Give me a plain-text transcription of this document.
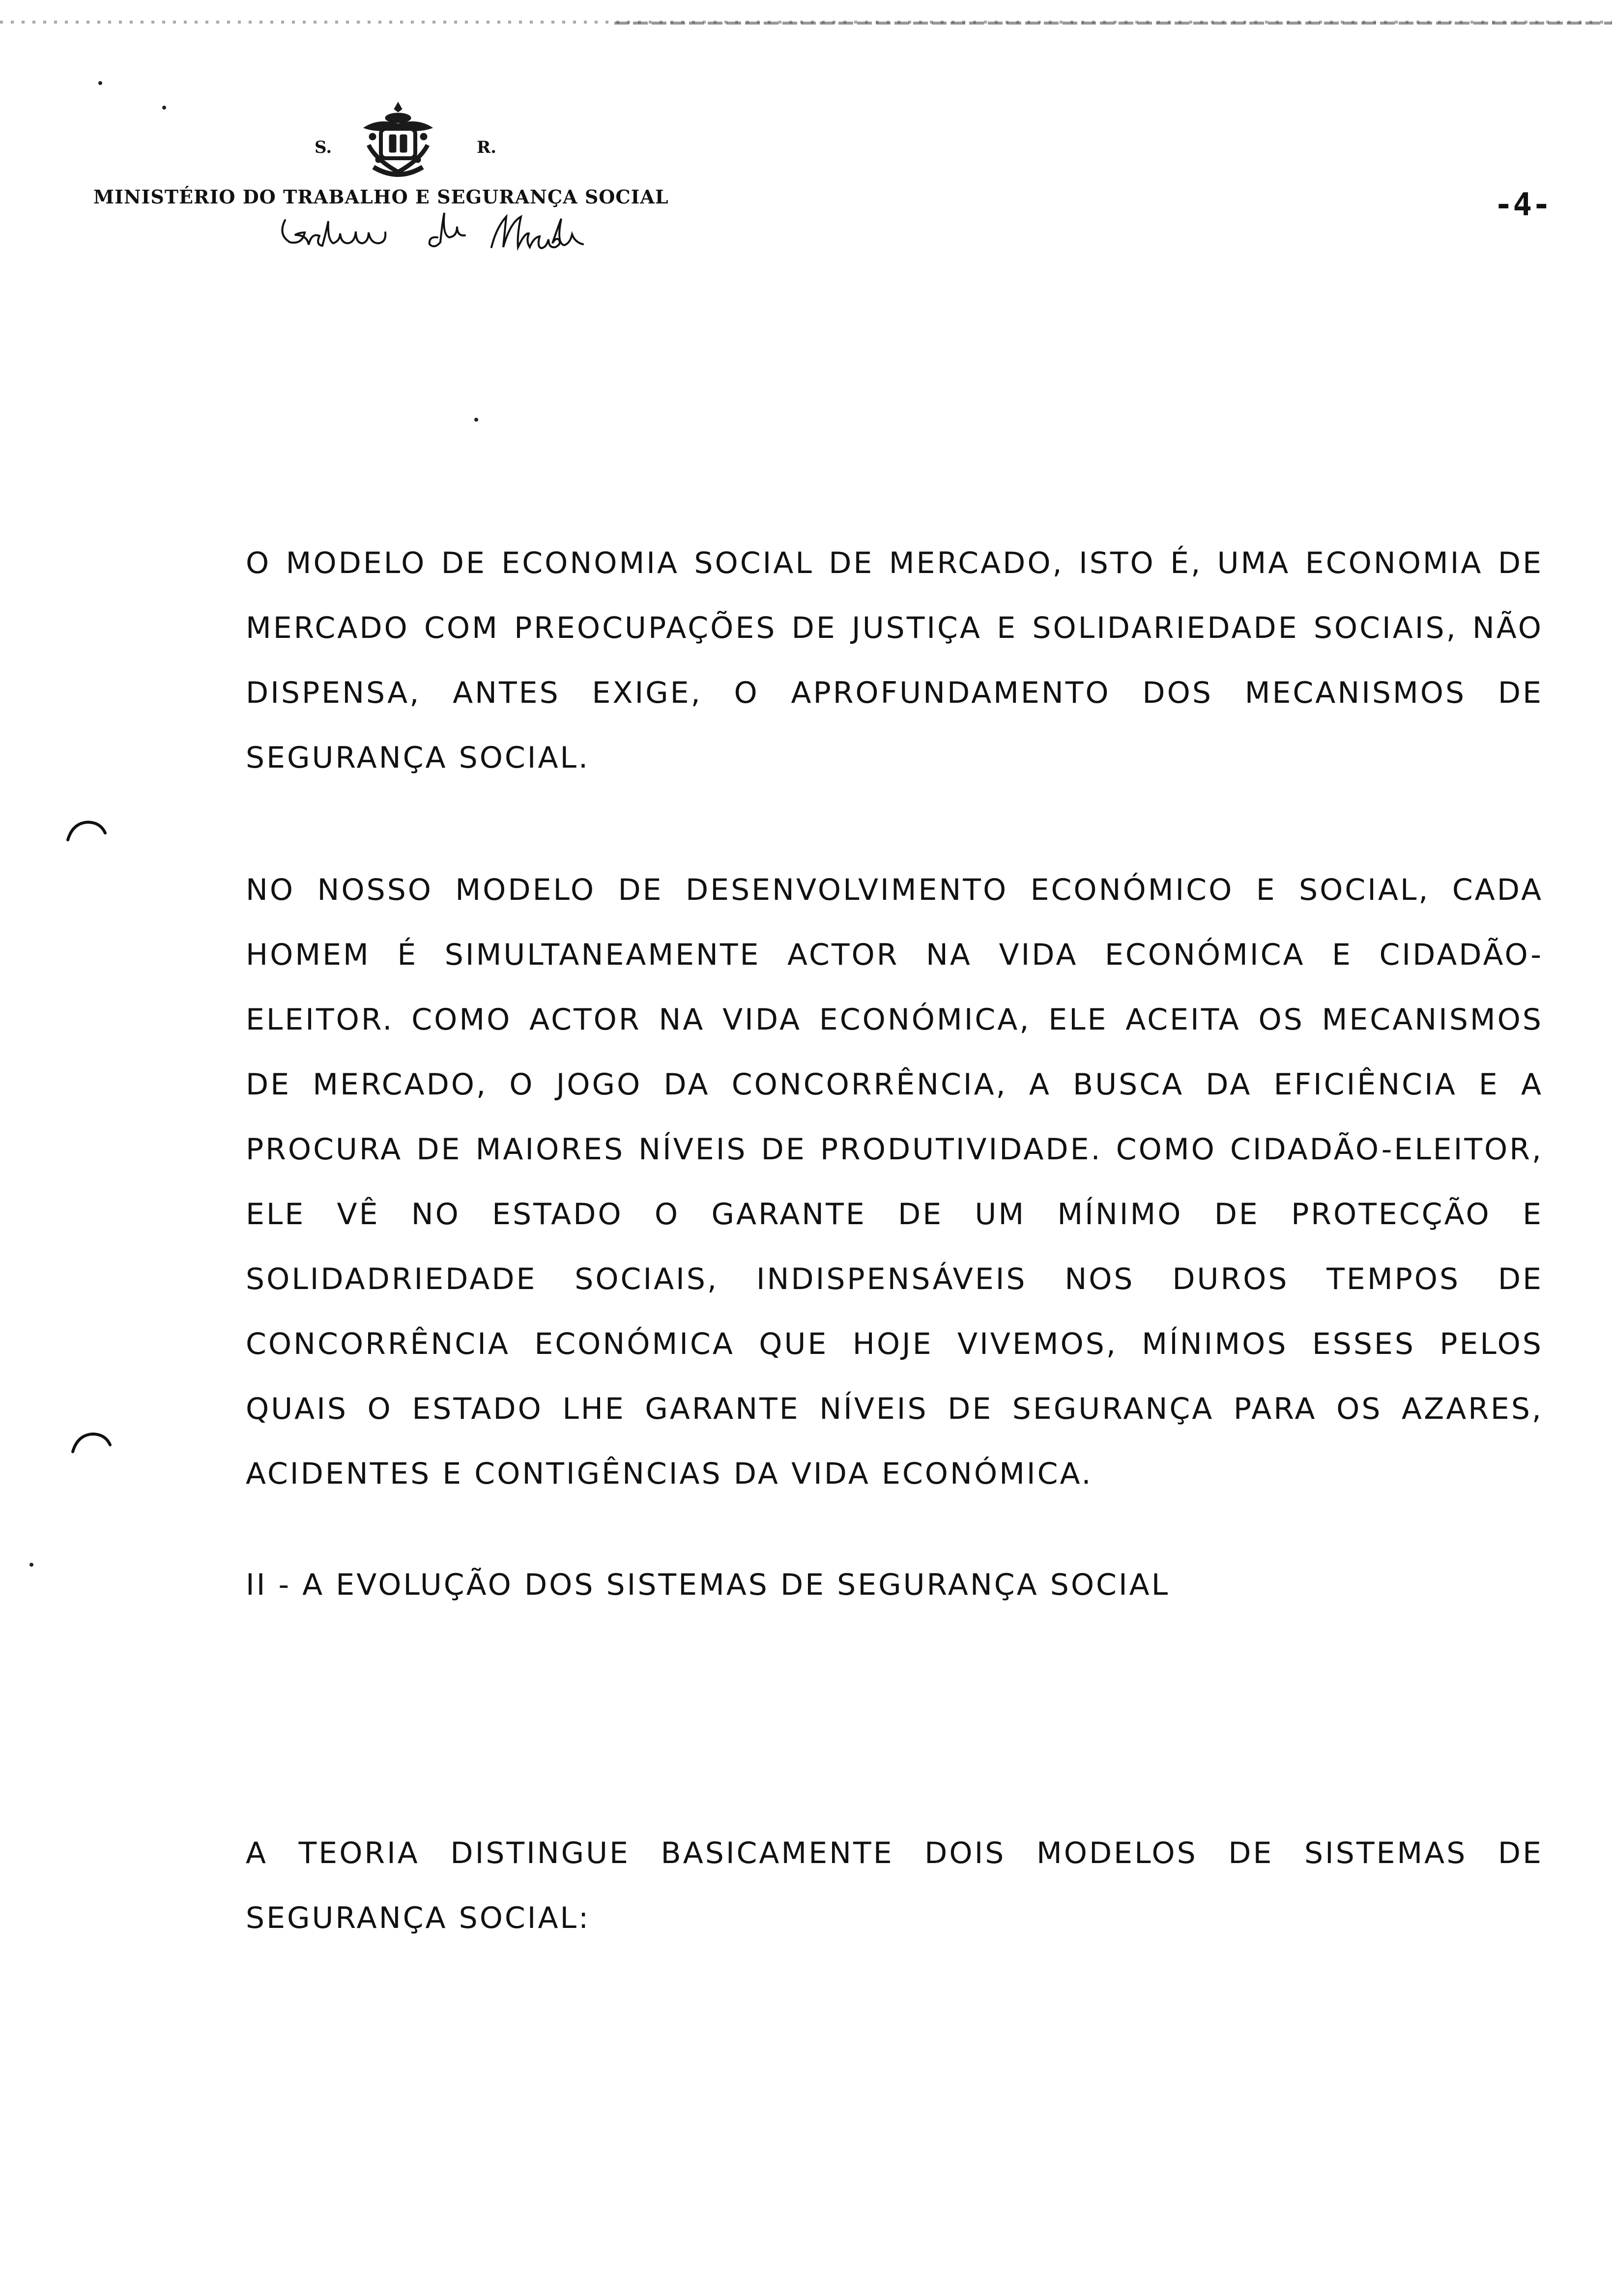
S.	R.
MINISTÉRIO DO TRABALHO E SEGURANÇA SOCIAL	-4-
O MODELO DE ECONOMIA SOCIAL DE MERCADO, ISTO É, UMA ECONOMIA DE MERCADO COM PREOCUPAÇÕES DE JUSTIÇA E SOLIDARIEDADE SOCIAIS, NÃO DISPENSA, ANTES EXIGE, O APROFUNDAMENTO DOS MECANISMOS DE SEGURANÇA SOCIAL.
NO NOSSO MODELO DE DESENVOLVIMENTO ECONÓMICO E SOCIAL, CADA HOMEM É SIMULTANEAMENTE ACTOR NA VIDA ECONÓMICA E CIDADÃO-ELEITOR. COMO ACTOR NA VIDA ECONÓMICA, ELE ACEITA OS MECANISMOS DE MERCADO, O JOGO DA CONCORRÊNCIA, A BUSCA DA EFICIÊNCIA E A PROCURA DE MAIORES NÍVEIS DE PRODUTIVIDADE. COMO CIDADÃO-ELEITOR, ELE VÊ NO ESTADO O GARANTE DE UM MÍNIMO DE PROTECÇÃO E SOLIDADRIEDADE SOCIAIS, INDISPENSÁVEIS NOS DUROS TEMPOS DE CONCORRÊNCIA ECONÓMICA QUE HOJE VIVEMOS, MÍNIMOS ESSES PELOS QUAIS O ESTADO LHE GARANTE NÍVEIS DE SEGURANÇA PARA OS AZARES, ACIDENTES E CONTIGÊNCIAS DA VIDA ECONÓMICA.
II - A EVOLUÇÃO DOS SISTEMAS DE SEGURANÇA SOCIAL
A TEORIA DISTINGUE BASICAMENTE DOIS MODELOS DE SISTEMAS DE SEGURANÇA SOCIAL:
